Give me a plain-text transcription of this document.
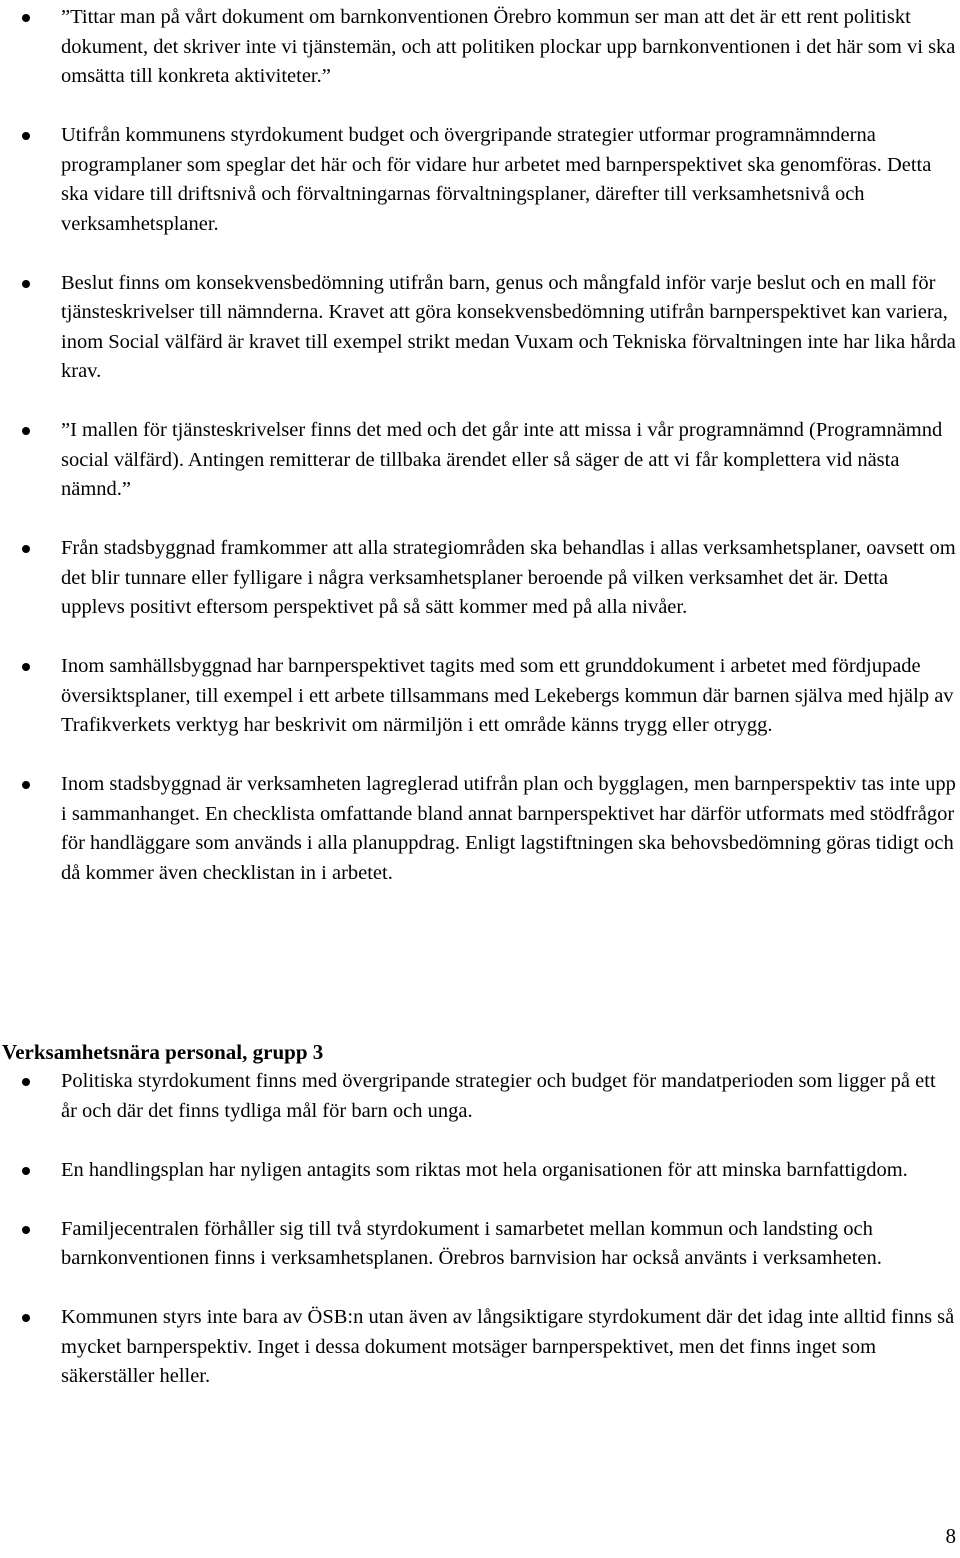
”Tittar man på vårt dokument om barnkonventionen Örebro kommun ser man att det är ett rent politiskt dokument, det skriver inte vi tjänstemän, och att politiken plockar upp barnkonventionen i det här som vi ska omsätta till konkreta aktiviteter.”
Utifrån kommunens styrdokument budget och övergripande strategier utformar programnämnderna programplaner som speglar det här och för vidare hur arbetet med barnperspektivet ska genomföras. Detta ska vidare till driftsnivå och förvaltningarnas förvaltningsplaner, därefter till verksamhetsnivå och verksamhetsplaner.
Beslut finns om konsekvensbedömning utifrån barn, genus och mångfald inför varje beslut och en mall för tjänsteskrivelser till nämnderna. Kravet att göra konsekvensbedömning utifrån barnperspektivet kan variera, inom Social välfärd är kravet till exempel strikt medan Vuxam och Tekniska förvaltningen inte har lika hårda krav.
”I mallen för tjänsteskrivelser finns det med och det går inte att missa i vår programnämnd (Programnämnd social välfärd). Antingen remitterar de tillbaka ärendet eller så säger de att vi får komplettera vid nästa nämnd.”
Från stadsbyggnad framkommer att alla strategiområden ska behandlas i allas verksamhetsplaner, oavsett om det blir tunnare eller fylligare i några verksamhetsplaner beroende på vilken verksamhet det är. Detta upplevs positivt eftersom perspektivet på så sätt kommer med på alla nivåer.
Inom samhällsbyggnad har barnperspektivet tagits med som ett grunddokument i arbetet med fördjupade översiktsplaner, till exempel i ett arbete tillsammans med Lekebergs kommun där barnen själva med hjälp av Trafikverkets verktyg har beskrivit om närmiljön i ett område känns trygg eller otrygg.
Inom stadsbyggnad är verksamheten lagreglerad utifrån plan och bygglagen, men barnperspektiv tas inte upp i sammanhanget. En checklista omfattande bland annat barnperspektivet har därför utformats med stödfrågor för handläggare som används i alla planuppdrag. Enligt lagstiftningen ska behovsbedömning göras tidigt och då kommer även checklistan in i arbetet.
Verksamhetsnära personal, grupp 3
Politiska styrdokument finns med övergripande strategier och budget för mandatperioden som ligger på ett år och där det finns tydliga mål för barn och unga.
En handlingsplan har nyligen antagits som riktas mot hela organisationen för att minska barnfattigdom.
Familjecentralen förhåller sig till två styrdokument i samarbetet mellan kommun och landsting och barnkonventionen finns i verksamhetsplanen. Örebros barnvision har också använts i verksamheten.
Kommunen styrs inte bara av ÖSB:n utan även av långsiktigare styrdokument där det idag inte alltid finns så mycket barnperspektiv. Inget i dessa dokument motsäger barnperspektivet, men det finns inget som säkerställer heller.
8
